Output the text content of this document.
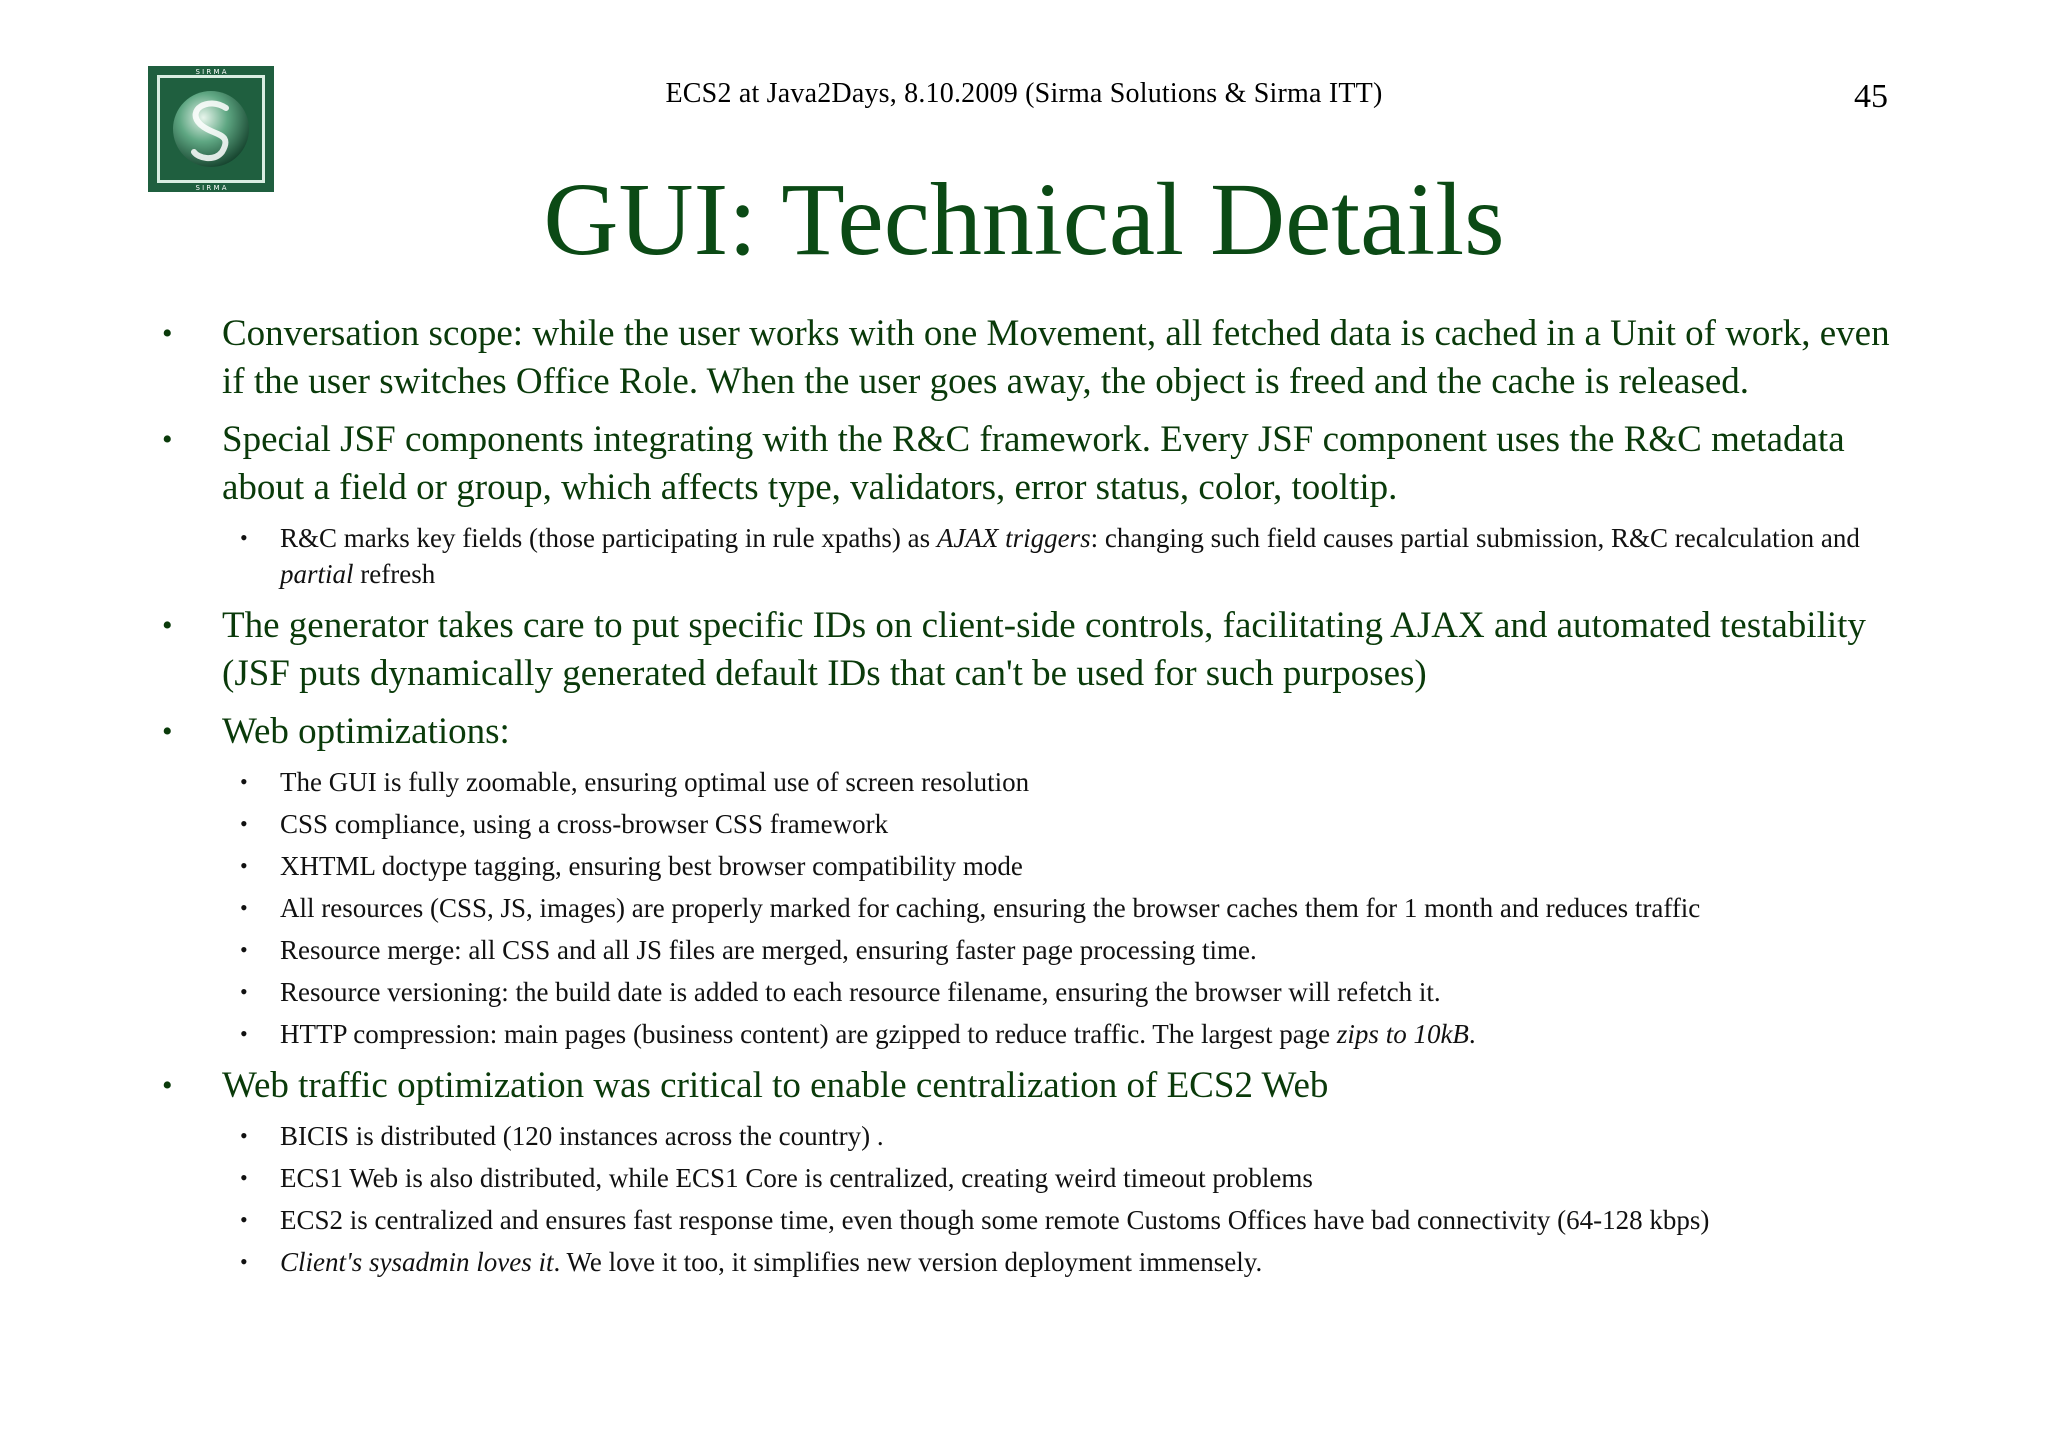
S I R M A
S I R M A
ECS2 at Java2Days, 8.10.2009 (Sirma Solutions & Sirma ITT)	45
GUI: Technical Details
• Conversation scope: while the user works with one Movement, all fetched data is cached in a Unit of work, even if the user switches Office Role. When the user goes away, the object is freed and the cache is released.
• Special JSF components integrating with the R&C framework. Every JSF component uses the R&C metadata about a field or group, which affects type, validators, error status, color, tooltip.
• R&C marks key fields (those participating in rule xpaths) as AJAX triggers: changing such field causes partial submission, R&C recalculation and partial refresh
• The generator takes care to put specific IDs on client-side controls, facilitating AJAX and automated testability (JSF puts dynamically generated default IDs that can't be used for such purposes)
• Web optimizations:
• The GUI is fully zoomable, ensuring optimal use of screen resolution
• CSS compliance, using a cross-browser CSS framework
• XHTML doctype tagging, ensuring best browser compatibility mode
• All resources (CSS, JS, images) are properly marked for caching, ensuring the browser caches them for 1 month and reduces traffic
• Resource merge: all CSS and all JS files are merged, ensuring faster page processing time.
• Resource versioning: the build date is added to each resource filename, ensuring the browser will refetch it.
• HTTP compression: main pages (business content) are gzipped to reduce traffic. The largest page zips to 10kB.
• Web traffic optimization was critical to enable centralization of ECS2 Web
• BICIS is distributed (120 instances across the country) .
• ECS1 Web is also distributed, while ECS1 Core is centralized, creating weird timeout problems
• ECS2 is centralized and ensures fast response time, even though some remote Customs Offices have bad connectivity (64-128 kbps)
• Client's sysadmin loves it. We love it too, it simplifies new version deployment immensely.
